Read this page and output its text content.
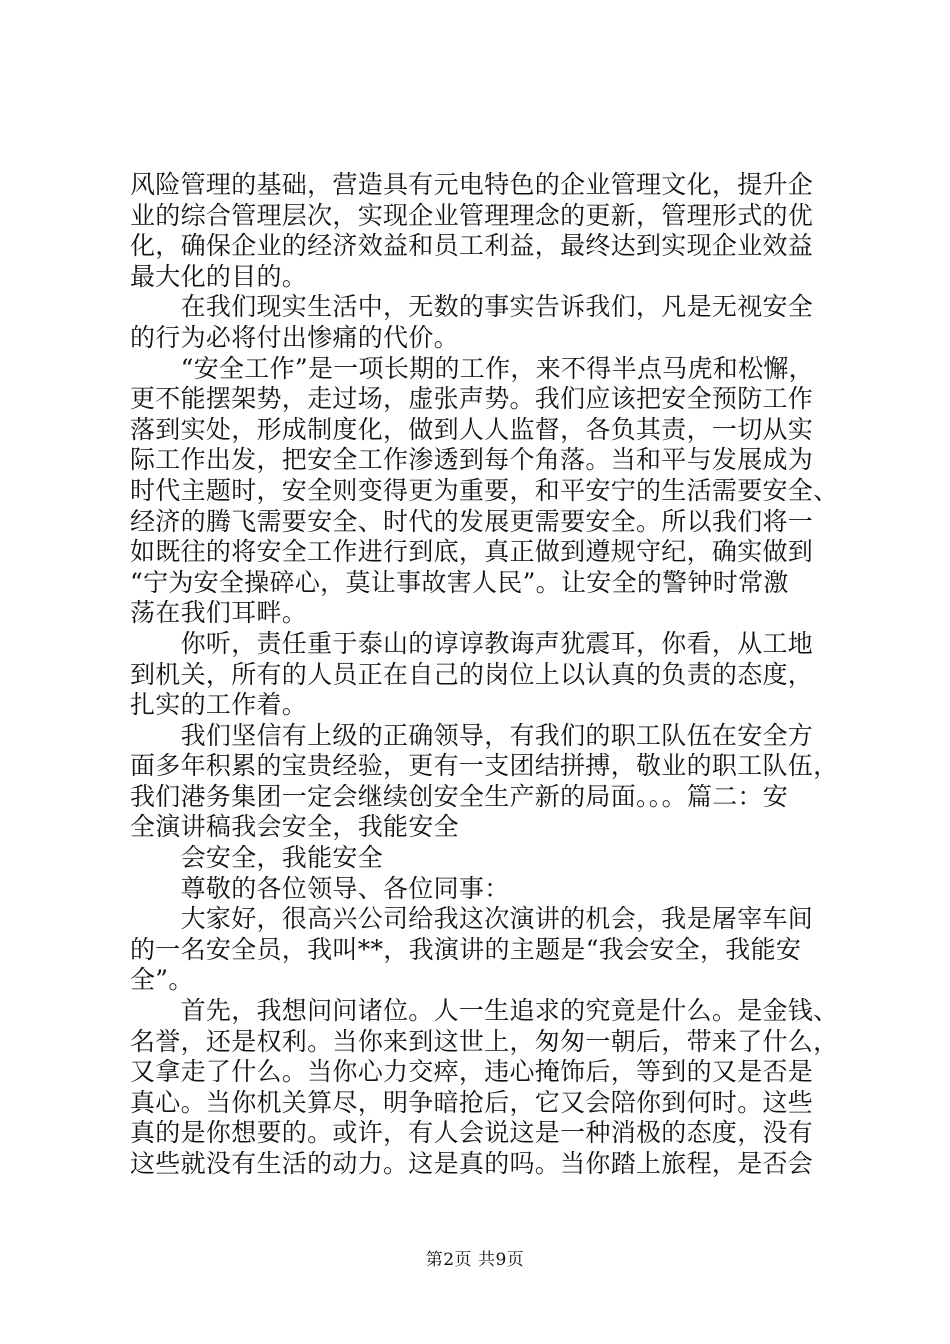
风险管理的基础，营造具有元电特色的企业管理文化，提升企
业的综合管理层次，实现企业管理理念的更新，管理形式的优
化，确保企业的经济效益和员工利益，最终达到实现企业效益
最大化的目的。
　　在我们现实生活中，无数的事实告诉我们，凡是无视安全
的行为必将付出惨痛的代价。
　　“安全工作”是一项长期的工作，来不得半点马虎和松懈，
更不能摆架势，走过场，虚张声势。我们应该把安全预防工作
落到实处，形成制度化，做到人人监督，各负其责，一切从实
际工作出发，把安全工作渗透到每个角落。当和平与发展成为
时代主题时，安全则变得更为重要，和平安宁的生活需要安全、
经济的腾飞需要安全、时代的发展更需要安全。所以我们将一
如既往的将安全工作进行到底，真正做到遵规守纪，确实做到
“宁为安全操碎心，莫让事故害人民”。让安全的警钟时常激
荡在我们耳畔。
　　你听，责任重于泰山的谆谆教诲声犹震耳，你看，从工地
到机关，所有的人员正在自己的岗位上以认真的负责的态度，
扎实的工作着。
　　我们坚信有上级的正确领导，有我们的职工队伍在安全方
面多年积累的宝贵经验，更有一支团结拼搏，敬业的职工队伍，
我们港务集团一定会继续创安全生产新的局面。。。篇二：安
全演讲稿我会安全，我能安全
　　会安全，我能安全
　　尊敬的各位领导、各位同事：
　　大家好，很高兴公司给我这次演讲的机会，我是屠宰车间
的一名安全员，我叫**，我演讲的主题是“我会安全，我能安
全”。
　　首先，我想问问诸位。人一生追求的究竟是什么。是金钱、
名誉，还是权利。当你来到这世上，匆匆一朝后，带来了什么，
又拿走了什么。当你心力交瘁，违心掩饰后，等到的又是否是
真心。当你机关算尽，明争暗抢后，它又会陪你到何时。这些
真的是你想要的。或许，有人会说这是一种消极的态度，没有
这些就没有生活的动力。这是真的吗。当你踏上旅程，是否会
第2页 共9页
